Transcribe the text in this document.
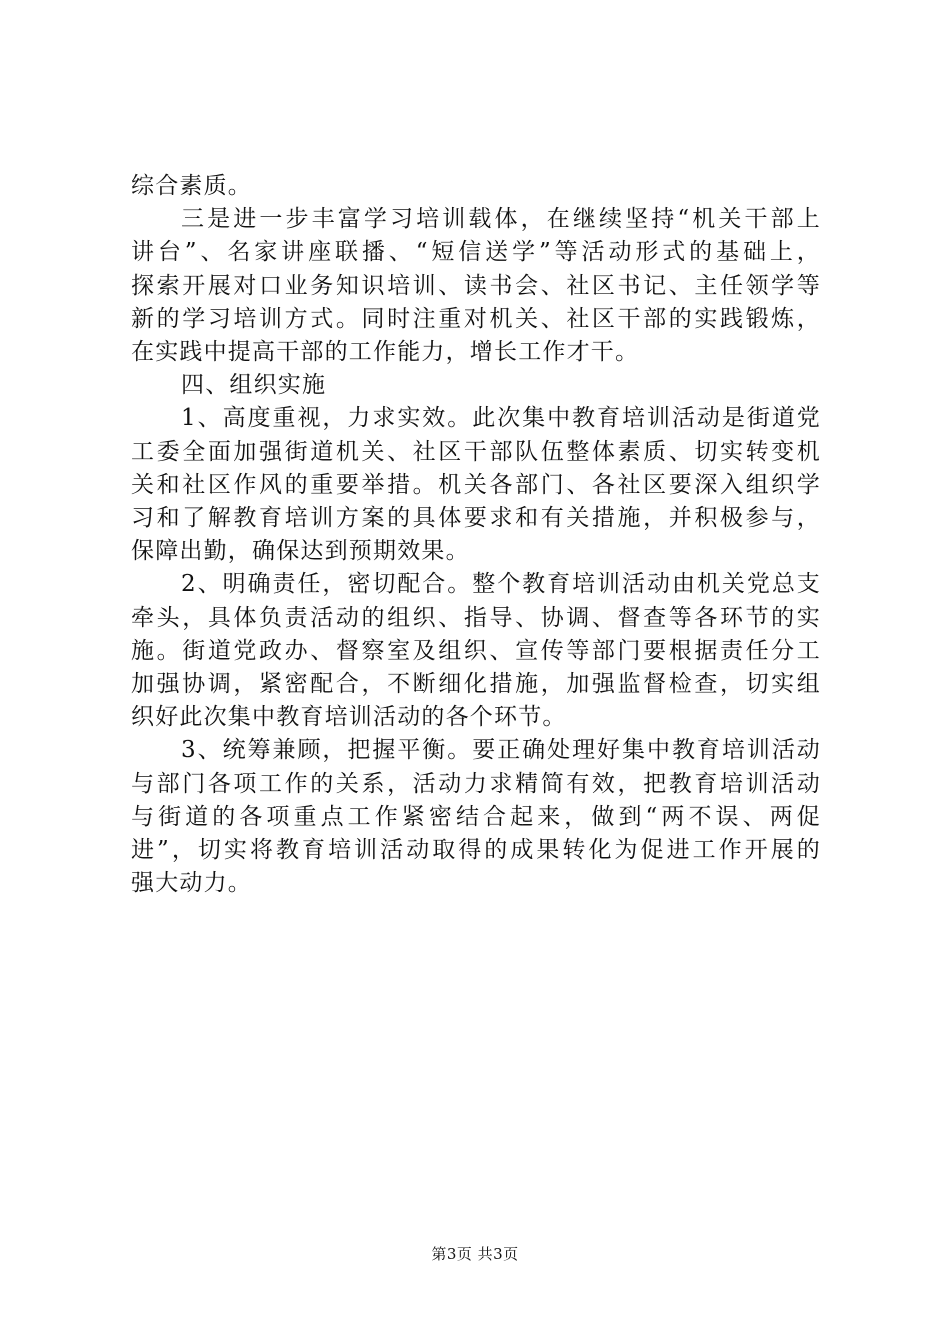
综合素质。
三是进一步丰富学习培训载体，在继续坚持“机关干部上
讲台”、名家讲座联播、“短信送学”等活动形式的基础上，
探索开展对口业务知识培训、读书会、社区书记、主任领学等
新的学习培训方式。同时注重对机关、社区干部的实践锻炼，
在实践中提高干部的工作能力，增长工作才干。
四、组织实施
1、高度重视，力求实效。此次集中教育培训活动是街道党
工委全面加强街道机关、社区干部队伍整体素质、切实转变机
关和社区作风的重要举措。机关各部门、各社区要深入组织学
习和了解教育培训方案的具体要求和有关措施，并积极参与，
保障出勤，确保达到预期效果。
2、明确责任，密切配合。整个教育培训活动由机关党总支
牵头，具体负责活动的组织、指导、协调、督查等各环节的实
施。街道党政办、督察室及组织、宣传等部门要根据责任分工
加强协调，紧密配合，不断细化措施，加强监督检查，切实组
织好此次集中教育培训活动的各个环节。
3、统筹兼顾，把握平衡。要正确处理好集中教育培训活动
与部门各项工作的关系，活动力求精简有效，把教育培训活动
与街道的各项重点工作紧密结合起来，做到“两不误、两促
进”，切实将教育培训活动取得的成果转化为促进工作开展的
强大动力。
第3页 共3页
